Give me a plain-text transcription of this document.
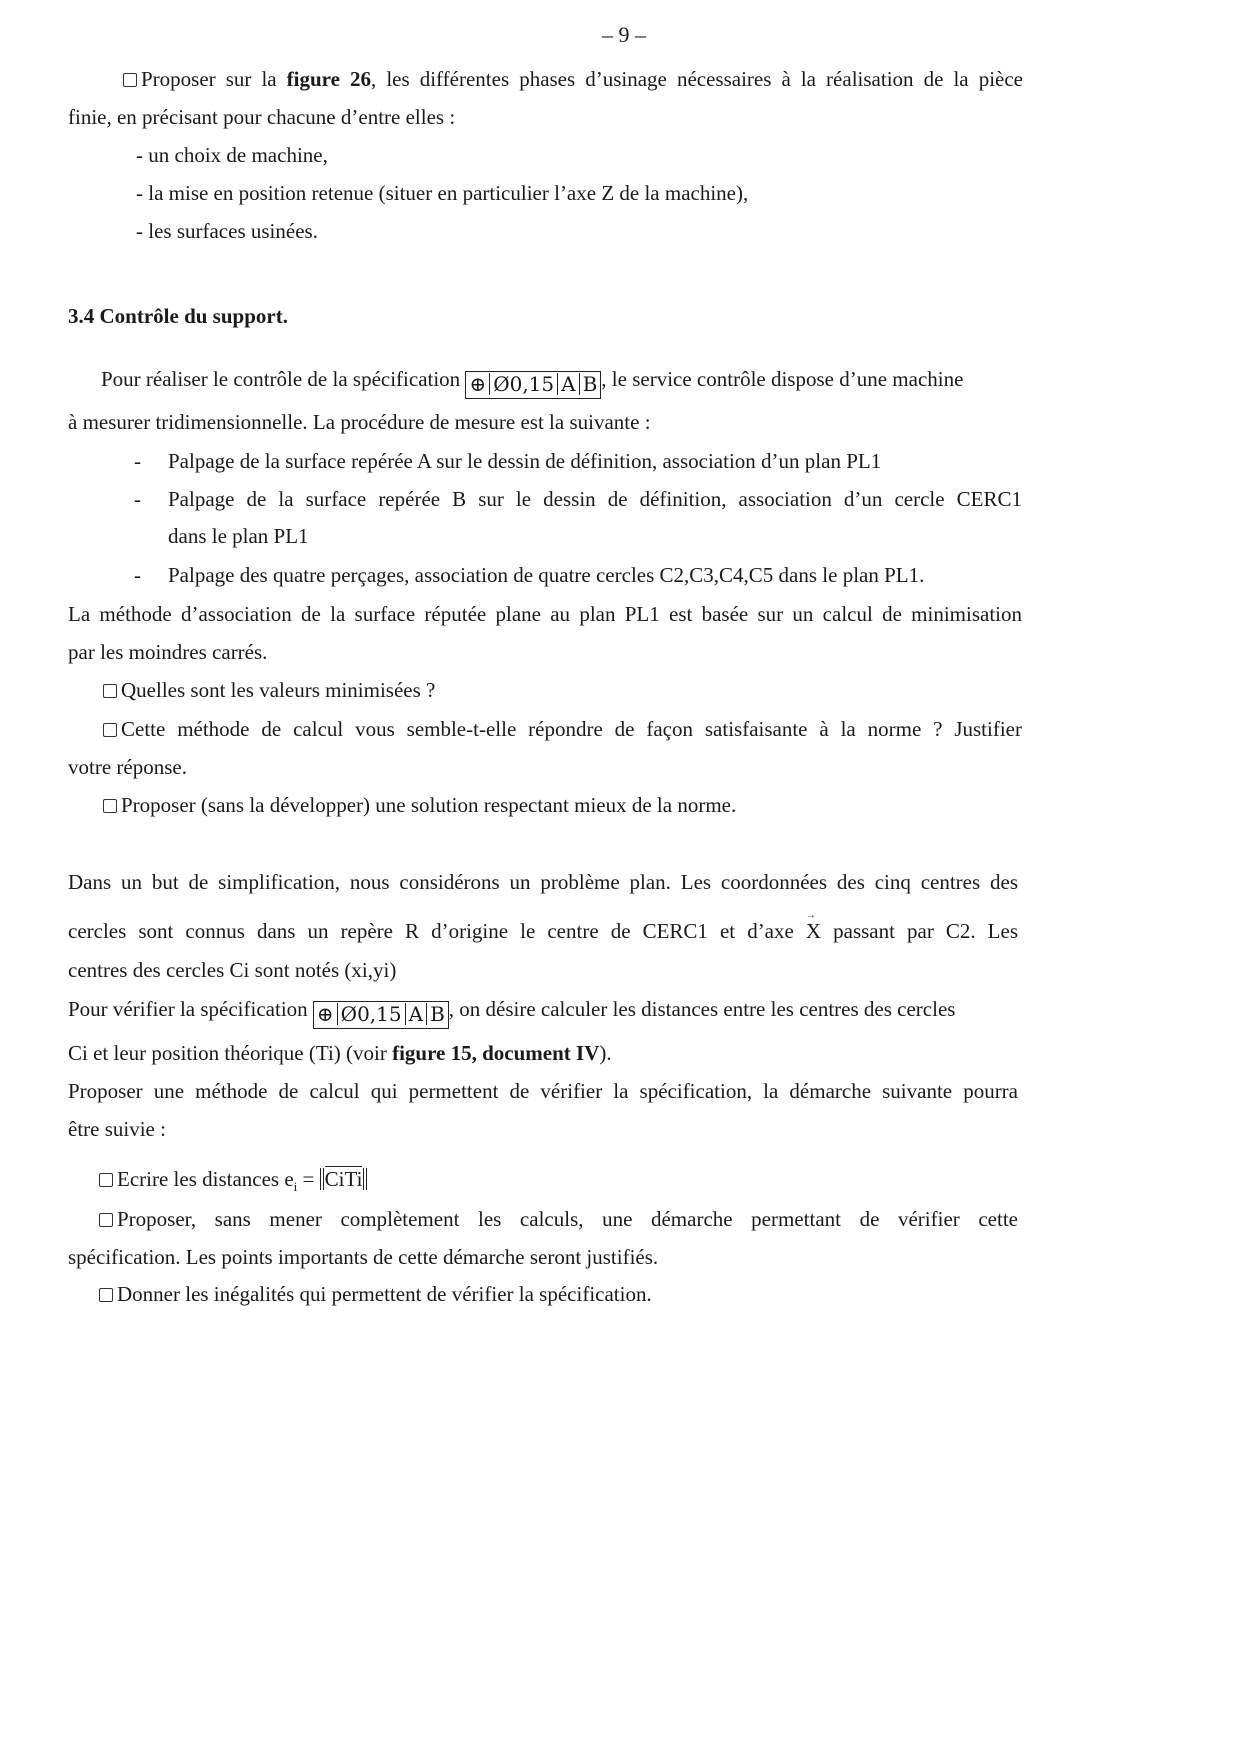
– 9 –
Proposer sur la figure 26, les différentes phases d’usinage nécessaires à la réalisation de la pièce
finie, en précisant pour chacune d’entre elles :
- un choix de machine,
- la mise en position retenue (situer en particulier l’axe Z de la machine),
- les surfaces usinées.
3.4 Contrôle du support.
Pour réaliser le contrôle de la spécification ⊕ Ø0,15 A B , le service contrôle dispose d’une machine
à mesurer tridimensionnelle. La procédure de mesure est la suivante :
- Palpage de la surface repérée A sur le dessin de définition, association d’un plan PL1
- Palpage de la surface repérée B sur le dessin de définition, association d’un cercle CERC1
dans le plan PL1
- Palpage des quatre perçages, association de quatre cercles C2,C3,C4,C5 dans le plan PL1.
La méthode d’association de la surface réputée plane au plan PL1 est basée sur un calcul de minimisation
par les moindres carrés.
Quelles sont les valeurs minimisées ?
Cette méthode de calcul vous semble-t-elle répondre de façon satisfaisante à la norme ? Justifier
votre réponse.
Proposer (sans la développer) une solution respectant mieux de la norme.
Dans un but de simplification, nous considérons un problème plan. Les coordonnées des cinq centres des
cercles sont connus dans un repère R d’origine le centre de CERC1 et d’axe
→
X passant par C2. Les
centres des cercles Ci sont notés (xi,yi)
Pour vérifier la spécification ⊕ Ø0,15 A B , on désire calculer les distances entre les centres des cercles
Ci et leur position théorique (Ti) (voir figure 15, document IV).
Proposer une méthode de calcul qui permettent de vérifier la spécification, la démarche suivante pourra
être suivie :
Ecrire les distances $e_i$ = CiTi
Proposer, sans mener complètement les calculs, une démarche permettant de vérifier cette
spécification. Les points importants de cette démarche seront justifiés.
Donner les inégalités qui permettent de vérifier la spécification.
